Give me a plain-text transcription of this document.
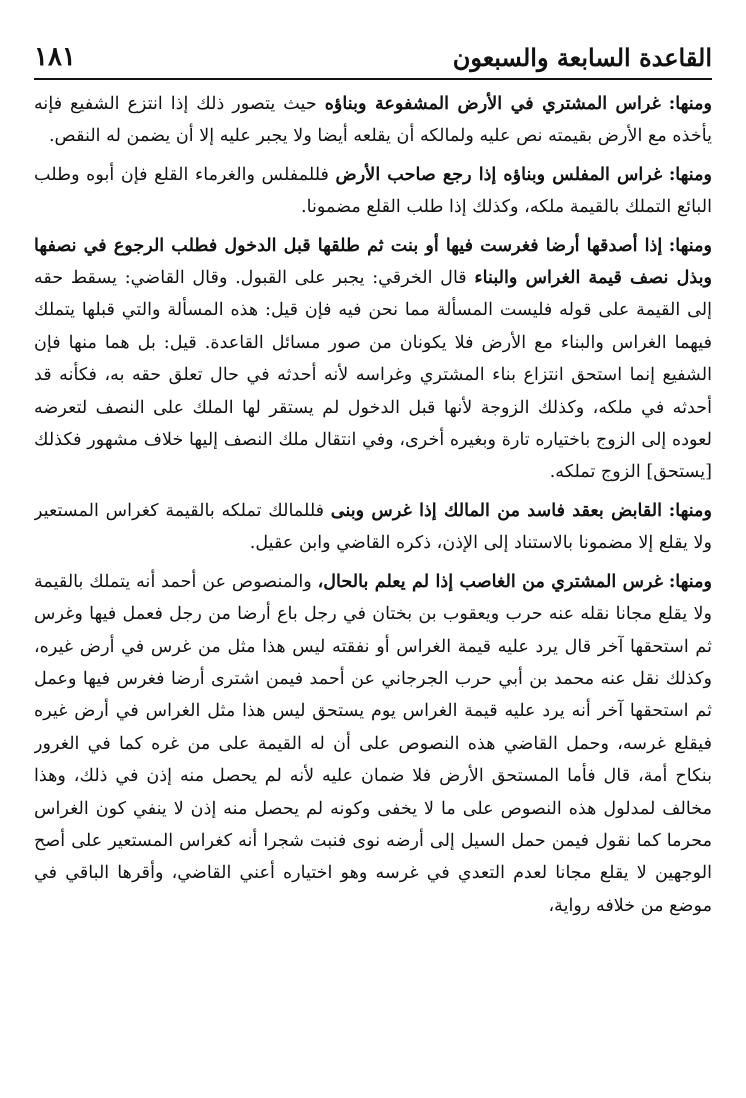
١٨١	القاعدة السابعة والسبعون

ومنها: غراس المشتري في الأرض المشفوعة وبناؤه حيث يتصور ذلك إذا انتزع الشفيع فإنه يأخذه مع الأرض بقيمته نص عليه ولمالكه أن يقلعه أيضا ولا يجبر عليه إلا أن يضمن له النقص.

ومنها: غراس المفلس وبناؤه إذا رجع صاحب الأرض فللمفلس والغرماء القلع فإن أبوه وطلب البائع التملك بالقيمة ملكه، وكذلك إذا طلب القلع مضمونا.

ومنها: إذا أصدقها أرضا فغرست فيها أو بنت ثم طلقها قبل الدخول فطلب الرجوع في نصفها وبذل نصف قيمة الغراس والبناء قال الخرقي: يجبر على القبول. وقال القاضي: يسقط حقه إلى القيمة على قوله فليست المسألة مما نحن فيه فإن قيل: هذه المسألة والتي قبلها يتملك فيهما الغراس والبناء مع الأرض فلا يكونان من صور مسائل القاعدة. قيل: بل هما منها فإن الشفيع إنما استحق انتزاع بناء المشتري وغراسه لأنه أحدثه في حال تعلق حقه به، فكأنه قد أحدثه في ملكه، وكذلك الزوجة لأنها قبل الدخول لم يستقر لها الملك على النصف لتعرضه لعوده إلى الزوج باختياره تارة وبغيره أخرى، وفي انتقال ملك النصف إليها خلاف مشهور فكذلك [يستحق] الزوج تملكه.

ومنها: القابض بعقد فاسد من المالك إذا غرس وبنى فللمالك تملكه بالقيمة كغراس المستعير ولا يقلع إلا مضمونا بالاستناد إلى الإذن، ذكره القاضي وابن عقيل.

ومنها: غرس المشتري من الغاصب إذا لم يعلم بالحال، والمنصوص عن أحمد أنه يتملك بالقيمة ولا يقلع مجانا نقله عنه حرب ويعقوب بن بختان في رجل باع أرضا من رجل فعمل فيها وغرس ثم استحقها آخر قال يرد عليه قيمة الغراس أو نفقته ليس هذا مثل من غرس في أرض غيره، وكذلك نقل عنه محمد بن أبي حرب الجرجاني عن أحمد فيمن اشترى أرضا فغرس فيها وعمل ثم استحقها آخر أنه يرد عليه قيمة الغراس يوم يستحق ليس هذا مثل الغراس في أرض غيره فيقلع غرسه، وحمل القاضي هذه النصوص على أن له القيمة على من غره كما في الغرور بنكاح أمة، قال فأما المستحق الأرض فلا ضمان عليه لأنه لم يحصل منه إذن في ذلك، وهذا مخالف لمدلول هذه النصوص على ما لا يخفى وكونه لم يحصل منه إذن لا ينفي كون الغراس محرما كما نقول فيمن حمل السيل إلى أرضه نوى فنبت شجرا أنه كغراس المستعير على أصح الوجهين لا يقلع مجانا لعدم التعدي في غرسه وهو اختياره أعني القاضي، وأقرها الباقي في موضع من خلافه رواية،
